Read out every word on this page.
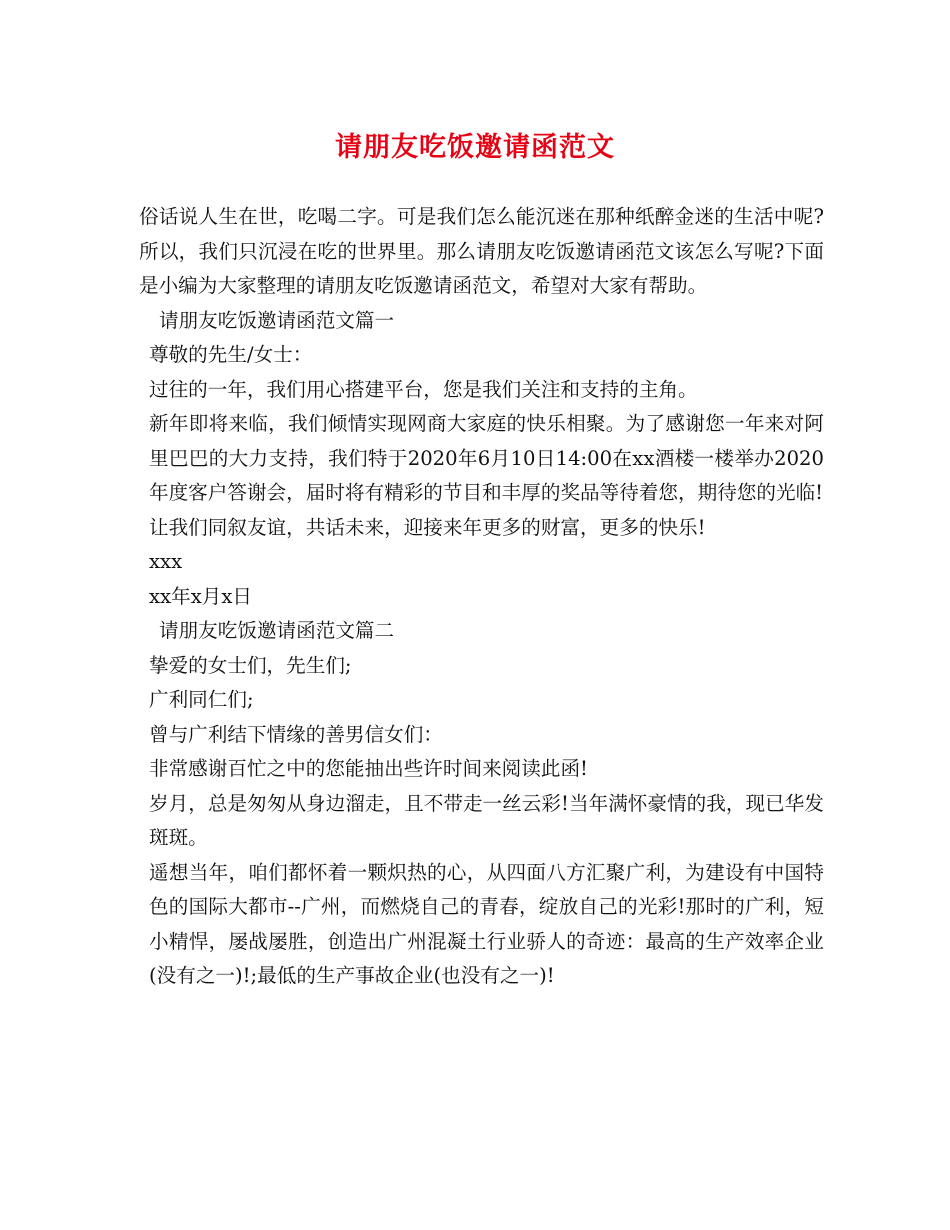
请朋友吃饭邀请函范文

俗话说人生在世，吃喝二字。可是我们怎么能沉迷在那种纸醉金迷的生活中呢?所以，我们只沉浸在吃的世界里。那么请朋友吃饭邀请函范文该怎么写呢?下面是小编为大家整理的请朋友吃饭邀请函范文，希望对大家有帮助。

请朋友吃饭邀请函范文篇一

尊敬的先生/女士：

过往的一年，我们用心搭建平台，您是我们关注和支持的主角。

新年即将来临，我们倾情实现网商大家庭的快乐相聚。为了感谢您一年来对阿里巴巴的大力支持，我们特于2020年6月10日14:00在xx酒楼一楼举办2020年度客户答谢会，届时将有精彩的节目和丰厚的奖品等待着您，期待您的光临!

让我们同叙友谊，共话未来，迎接来年更多的财富，更多的快乐!

xxx

xx年x月x日

请朋友吃饭邀请函范文篇二

挚爱的女士们，先生们;

广利同仁们;

曾与广利结下情缘的善男信女们：

非常感谢百忙之中的您能抽出些许时间来阅读此函!

岁月，总是匆匆从身边溜走，且不带走一丝云彩!当年满怀豪情的我，现已华发斑斑。

遥想当年，咱们都怀着一颗炽热的心，从四面八方汇聚广利，为建设有中国特色的国际大都市--广州，而燃烧自己的青春，绽放自己的光彩!那时的广利，短小精悍，屡战屡胜，创造出广州混凝土行业骄人的奇迹：最高的生产效率企业(没有之一)!;最低的生产事故企业(也没有之一)!
